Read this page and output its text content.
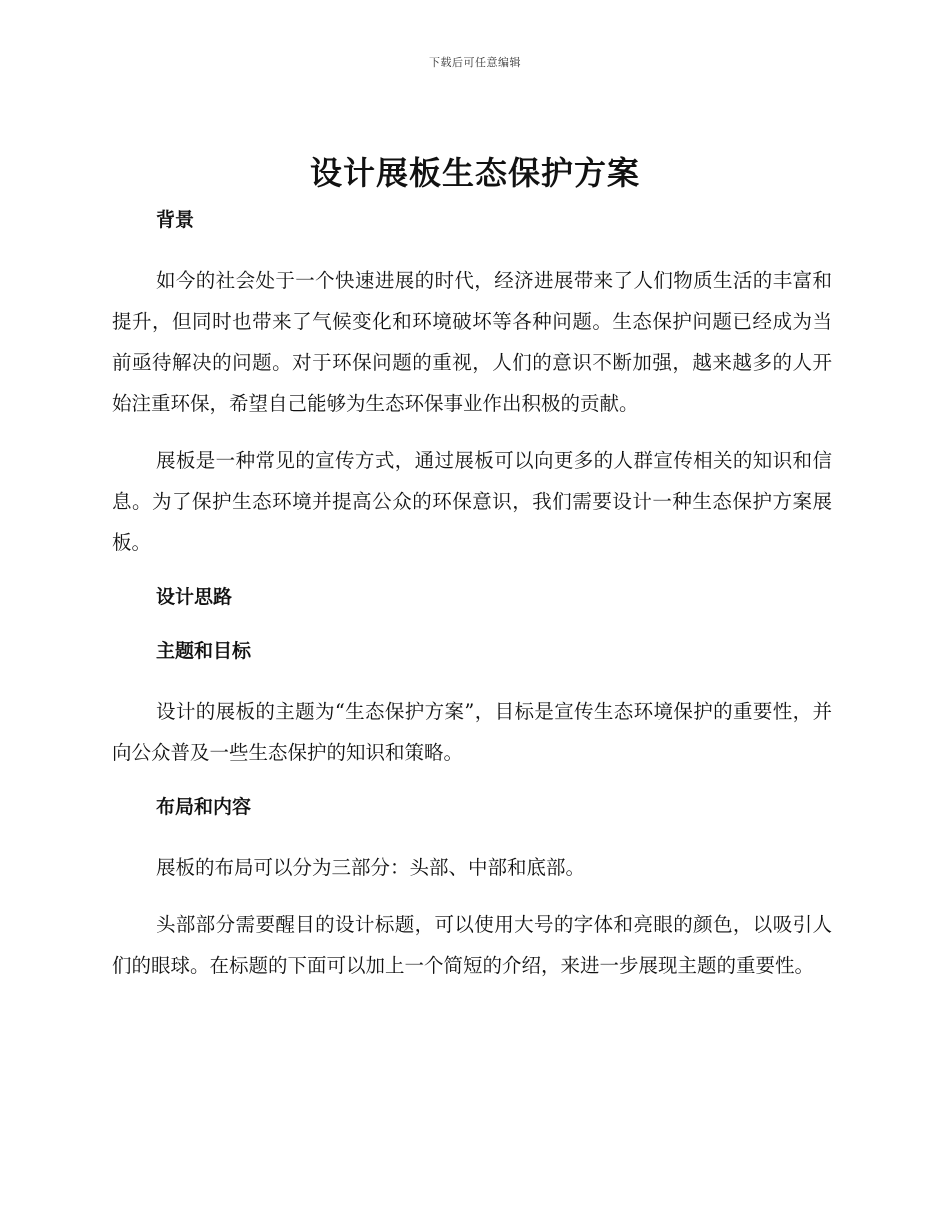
下载后可任意编辑
设计展板生态保护方案
背景

如今的社会处于一个快速进展的时代，经济进展带来了人们物质生活的丰富和提升，但同时也带来了气候变化和环境破坏等各种问题。生态保护问题已经成为当前亟待解决的问题。对于环保问题的重视，人们的意识不断加强，越来越多的人开始注重环保，希望自己能够为生态环保事业作出积极的贡献。

展板是一种常见的宣传方式，通过展板可以向更多的人群宣传相关的知识和信息。为了保护生态环境并提高公众的环保意识，我们需要设计一种生态保护方案展板。

设计思路
主题和目标

设计的展板的主题为“生态保护方案”，目标是宣传生态环境保护的重要性，并向公众普及一些生态保护的知识和策略。

布局和内容

展板的布局可以分为三部分：头部、中部和底部。

头部部分需要醒目的设计标题，可以使用大号的字体和亮眼的颜色，以吸引人们的眼球。在标题的下面可以加上一个简短的介绍，来进一步展现主题的重要性。
